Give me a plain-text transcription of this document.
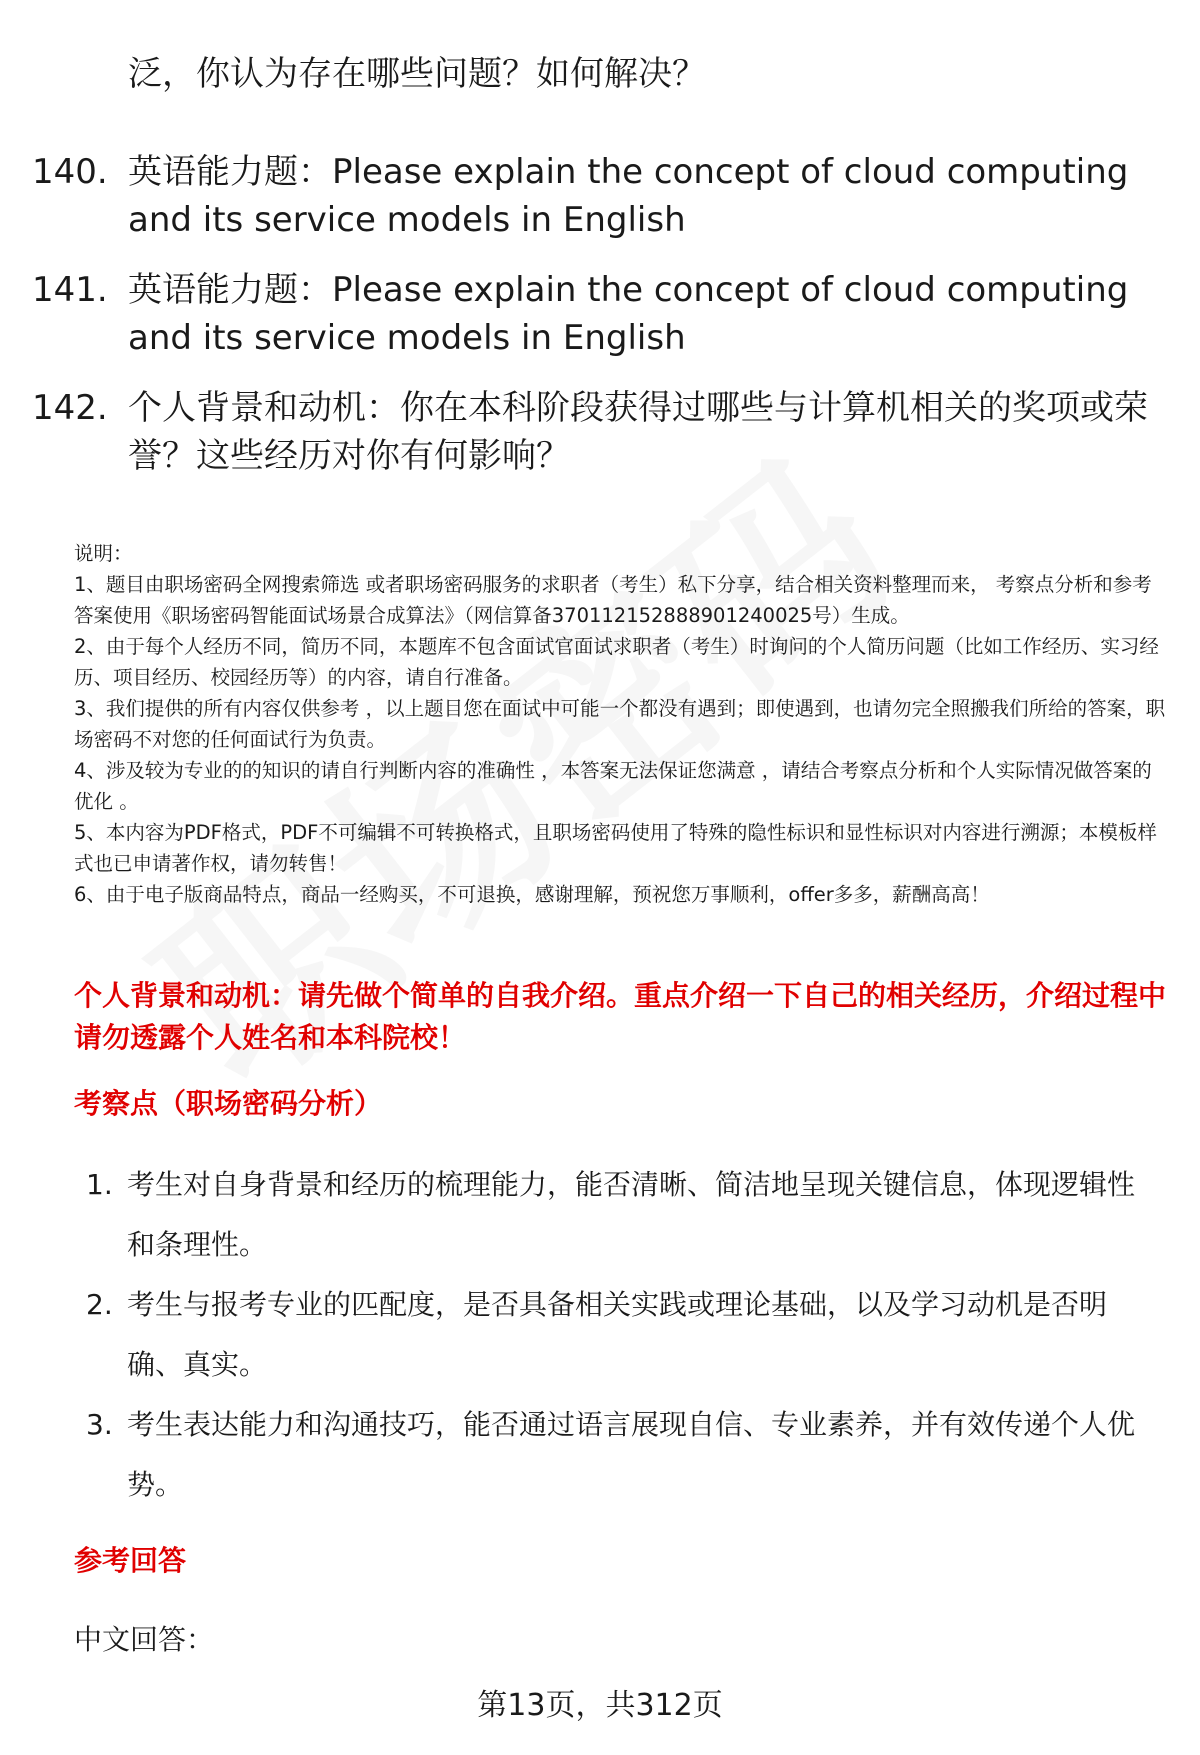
泛，你认为存在哪些问题？如何解决？
140. 英语能力题：Please explain the concept of cloud computing and its service models in English
141. 英语能力题：Please explain the concept of cloud computing and its service models in English
142. 个人背景和动机：你在本科阶段获得过哪些与计算机相关的奖项或荣誉？这些经历对你有何影响？

说明：

1、题目由职场密码全网搜索筛选 或者职场密码服务的求职者（考生）私下分享，结合相关资料整理而来， 考察点分析和参考答案使用《职场密码智能面试场景合成算法》（网信算备370112152888901240025号）生成。

2、由于每个人经历不同，简历不同，本题库不包含面试官面试求职者（考生）时询问的个人简历问题（比如工作经历、实习经历、项目经历、校园经历等）的内容，请自行准备。

3、我们提供的所有内容仅供参考 ，以上题目您在面试中可能一个都没有遇到；即使遇到，也请勿完全照搬我们所给的答案，职场密码不对您的任何面试行为负责。

4、涉及较为专业的的知识的请自行判断内容的准确性 ，本答案无法保证您满意 ，请结合考察点分析和个人实际情况做答案的优化 。

5、本内容为PDF格式，PDF不可编辑不可转换格式，且职场密码使用了特殊的隐性标识和显性标识对内容进行溯源；本模板样式也已申请著作权，请勿转售！

6、由于电子版商品特点，商品一经购买，不可退换，感谢理解，预祝您万事顺利，offer多多，薪酬高高！

个人背景和动机：请先做个简单的自我介绍。重点介绍一下自己的相关经历，介绍过程中请勿透露个人姓名和本科院校！
考察点（职场密码分析）
1. 考生对自身背景和经历的梳理能力，能否清晰、简洁地呈现关键信息，体现逻辑性和条理性。
2. 考生与报考专业的匹配度，是否具备相关实践或理论基础，以及学习动机是否明确、真实。
3. 考生表达能力和沟通技巧，能否通过语言展现自信、专业素养，并有效传递个人优势。
参考回答
中文回答：
第13页，共312页
